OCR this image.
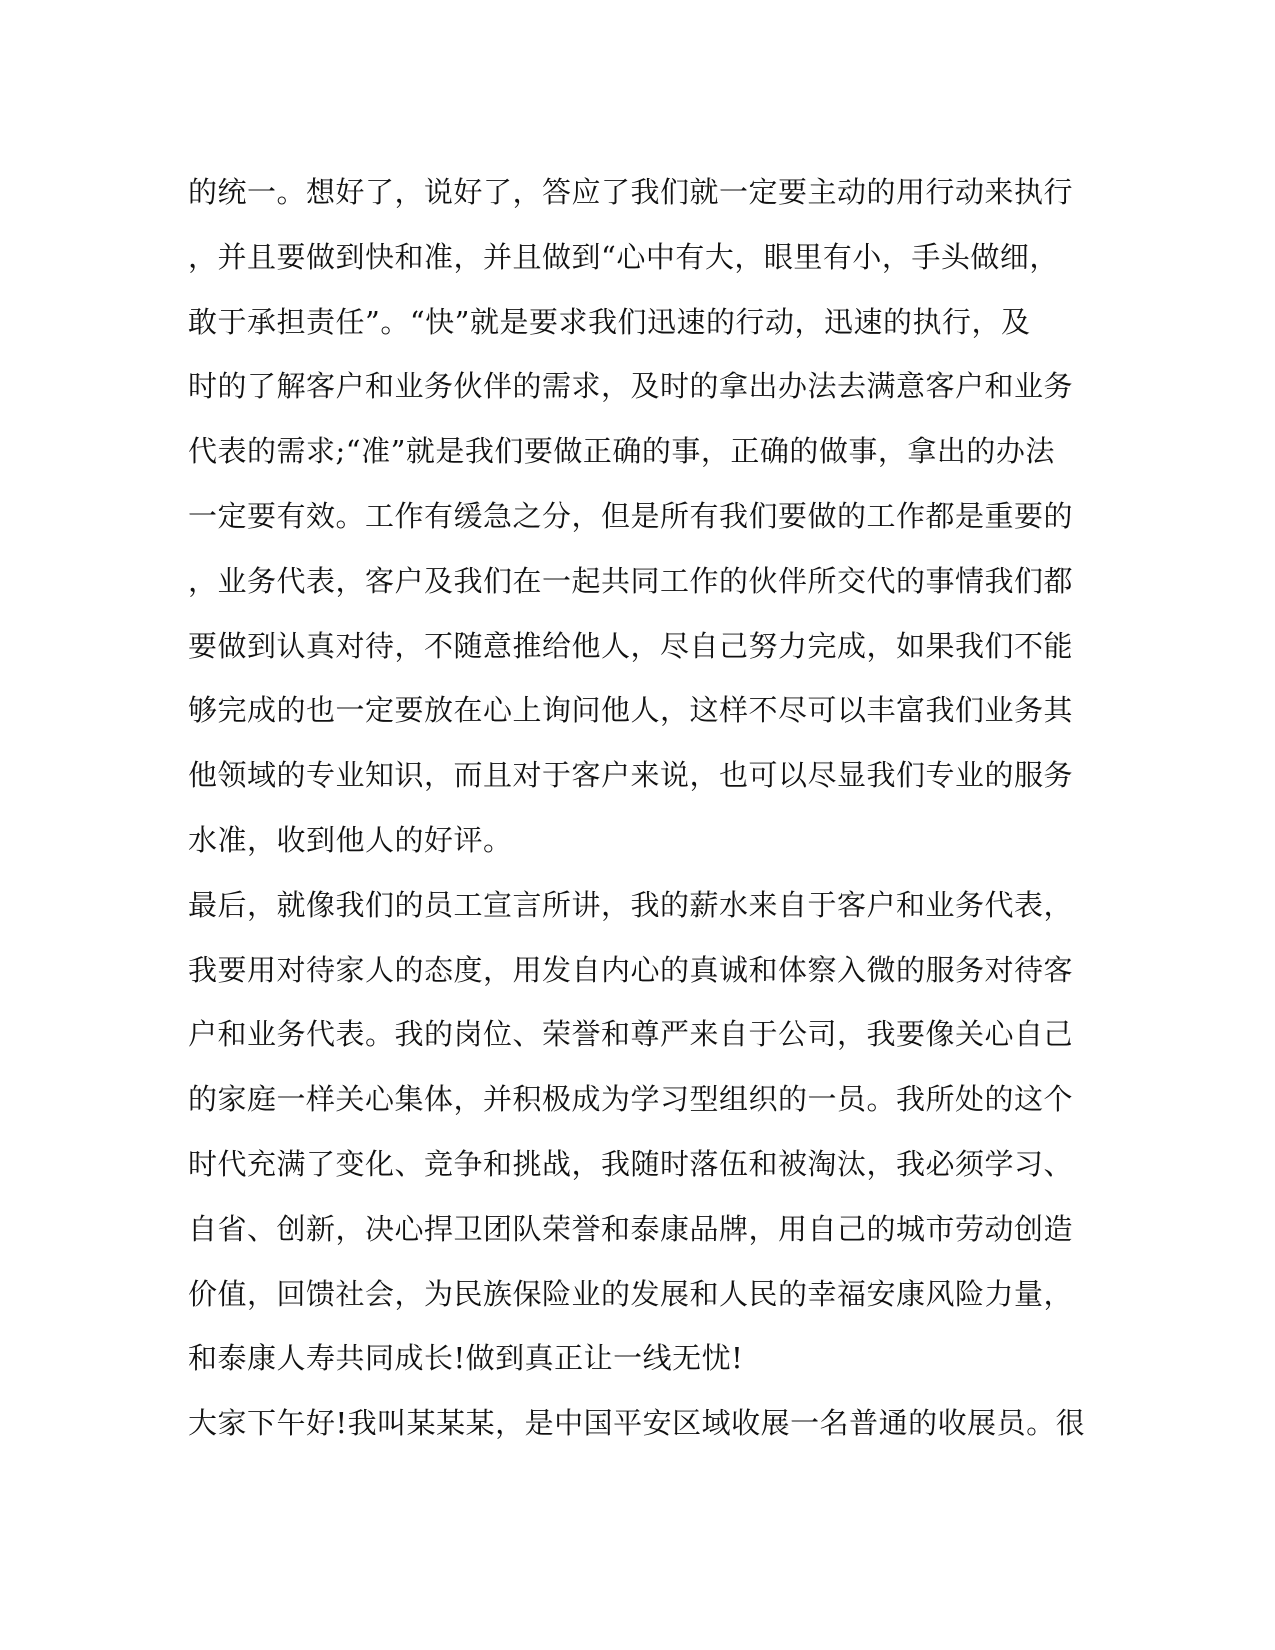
的统一。想好了，说好了，答应了我们就一定要主动的用行动来执行
，并且要做到快和准，并且做到“心中有大，眼里有小，手头做细，
敢于承担责任”。“快”就是要求我们迅速的行动，迅速的执行，及
时的了解客户和业务伙伴的需求，及时的拿出办法去满意客户和业务
代表的需求;“准”就是我们要做正确的事，正确的做事，拿出的办法
一定要有效。工作有缓急之分，但是所有我们要做的工作都是重要的
，业务代表，客户及我们在一起共同工作的伙伴所交代的事情我们都
要做到认真对待，不随意推给他人，尽自己努力完成，如果我们不能
够完成的也一定要放在心上询问他人，这样不尽可以丰富我们业务其
他领域的专业知识，而且对于客户来说，也可以尽显我们专业的服务
水准，收到他人的好评。
最后，就像我们的员工宣言所讲，我的薪水来自于客户和业务代表，
我要用对待家人的态度，用发自内心的真诚和体察入微的服务对待客
户和业务代表。我的岗位、荣誉和尊严来自于公司，我要像关心自己
的家庭一样关心集体，并积极成为学习型组织的一员。我所处的这个
时代充满了变化、竞争和挑战，我随时落伍和被淘汰，我必须学习、
自省、创新，决心捍卫团队荣誉和泰康品牌，用自己的城市劳动创造
价值，回馈社会，为民族保险业的发展和人民的幸福安康风险力量，
和泰康人寿共同成长!做到真正让一线无忧!
大家下午好!我叫某某某，是中国平安区域收展一名普通的收展员。很
